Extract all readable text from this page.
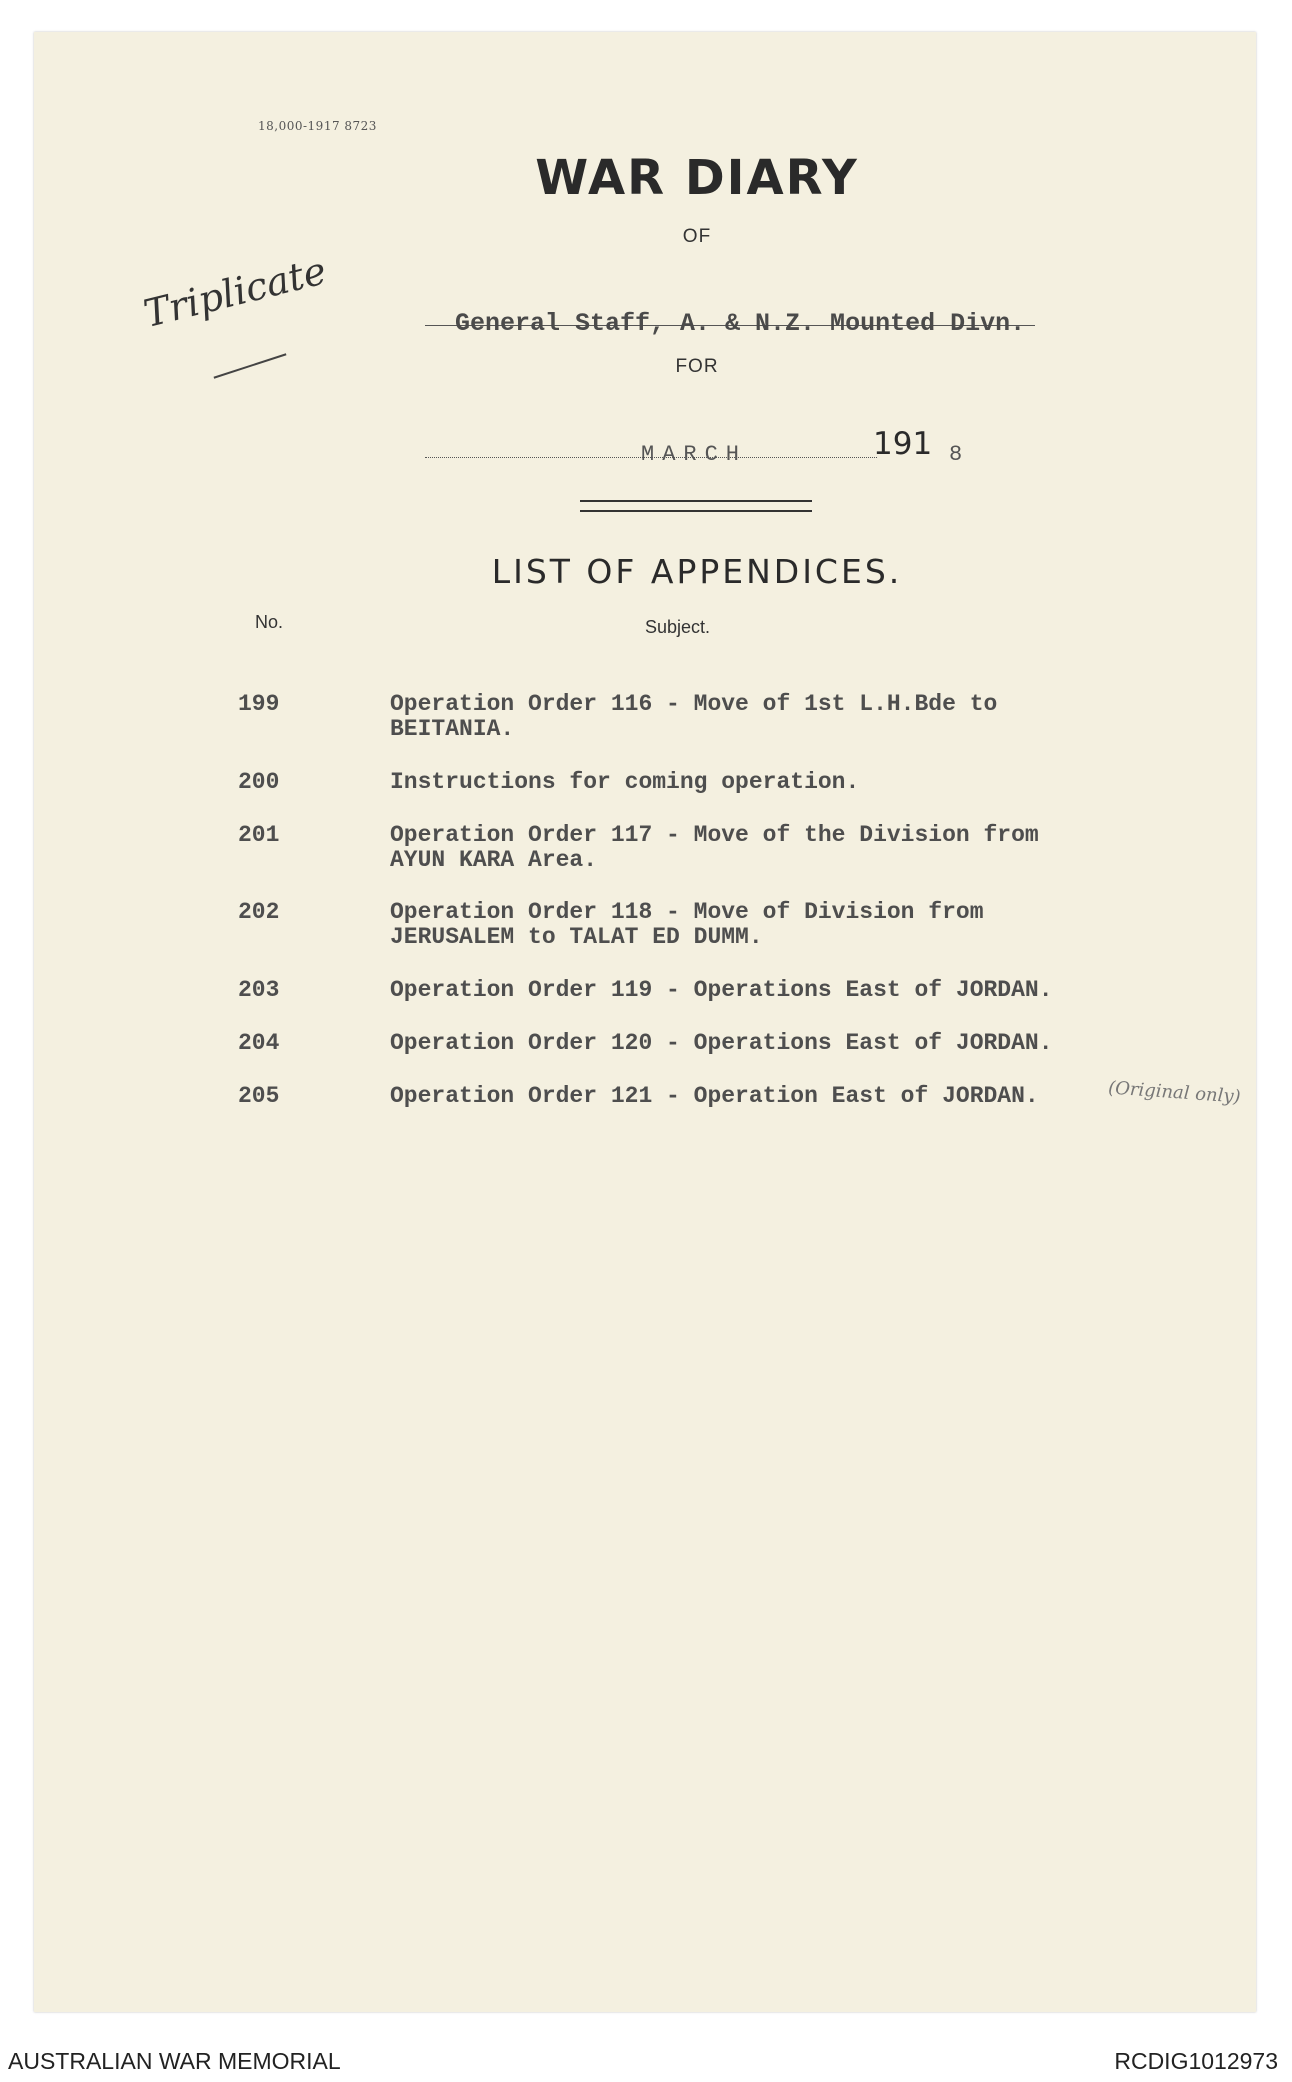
18,000-1917 8723
Triplicate
WAR DIARY
OF
General Staff, A. & N.Z. Mounted Divn.
FOR
MARCH	191 8
LIST OF APPENDICES.
No.	Subject.
199	Operation Order 116 - Move of 1st L.H.Bde to
BEITANIA.
200	Instructions for coming operation.
201	Operation Order 117 - Move of the Division from
AYUN KARA Area.
202	Operation Order 118 - Move of Division from
JERUSALEM to TALAT ED DUMM.
203	Operation Order 119 - Operations East of JORDAN.
204	Operation Order 120 - Operations East of JORDAN.
205	Operation Order 121 - Operation East of JORDAN.	(Original only)
AUSTRALIAN WAR MEMORIAL	RCDIG1012973
